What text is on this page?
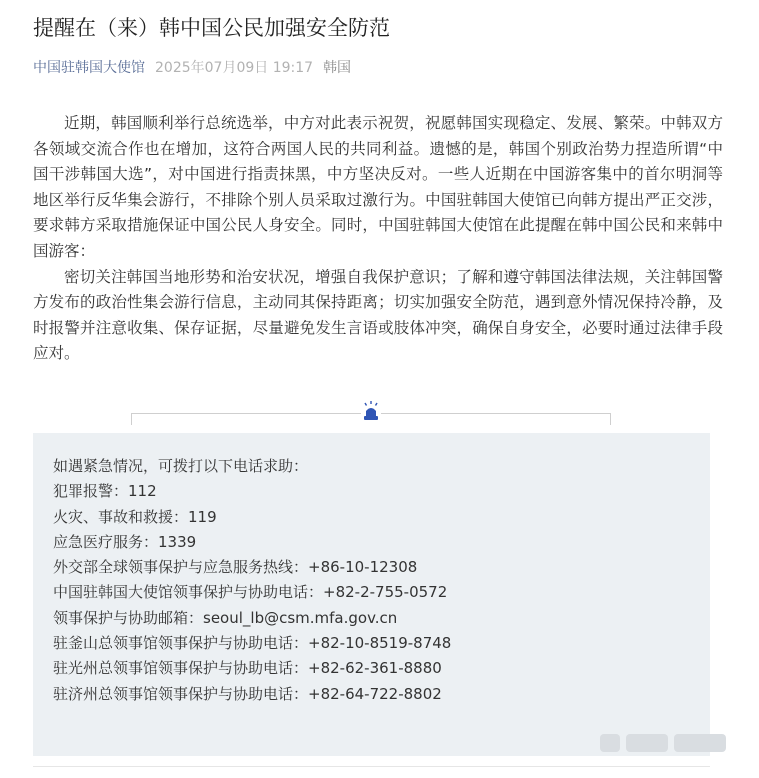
提醒在（来）韩中国公民加强安全防范
中国驻韩国大使馆 2025年07月09日 19:17 韩国

近期，韩国顺利举行总统选举，中方对此表示祝贺，祝愿韩国实现稳定、发展、繁荣。中韩双方各领域交流合作也在增加，这符合两国人民的共同利益。遗憾的是，韩国个别政治势力捏造所谓“中国干涉韩国大选”，对中国进行指责抹黑，中方坚决反对。一些人近期在中国游客集中的首尔明洞等地区举行反华集会游行，不排除个别人员采取过激行为。中国驻韩国大使馆已向韩方提出严正交涉，要求韩方采取措施保证中国公民人身安全。同时，中国驻韩国大使馆在此提醒在韩中国公民和来韩中国游客：

密切关注韩国当地形势和治安状况，增强自我保护意识；了解和遵守韩国法律法规，关注韩国警方发布的政治性集会游行信息，主动同其保持距离；切实加强安全防范，遇到意外情况保持冷静，及时报警并注意收集、保存证据，尽量避免发生言语或肢体冲突，确保自身安全，必要时通过法律手段应对。

如遇紧急情况，可拨打以下电话求助：
犯罪报警：112
火灾、事故和救援：119
应急医疗服务：1339
外交部全球领事保护与应急服务热线：+86-10-12308
中国驻韩国大使馆领事保护与协助电话：+82-2-755-0572
领事保护与协助邮箱：seoul_lb@csm.mfa.gov.cn
驻釜山总领事馆领事保护与协助电话：+82-10-8519-8748
驻光州总领事馆领事保护与协助电话：+82-62-361-8880
驻济州总领事馆领事保护与协助电话：+82-64-722-8802
